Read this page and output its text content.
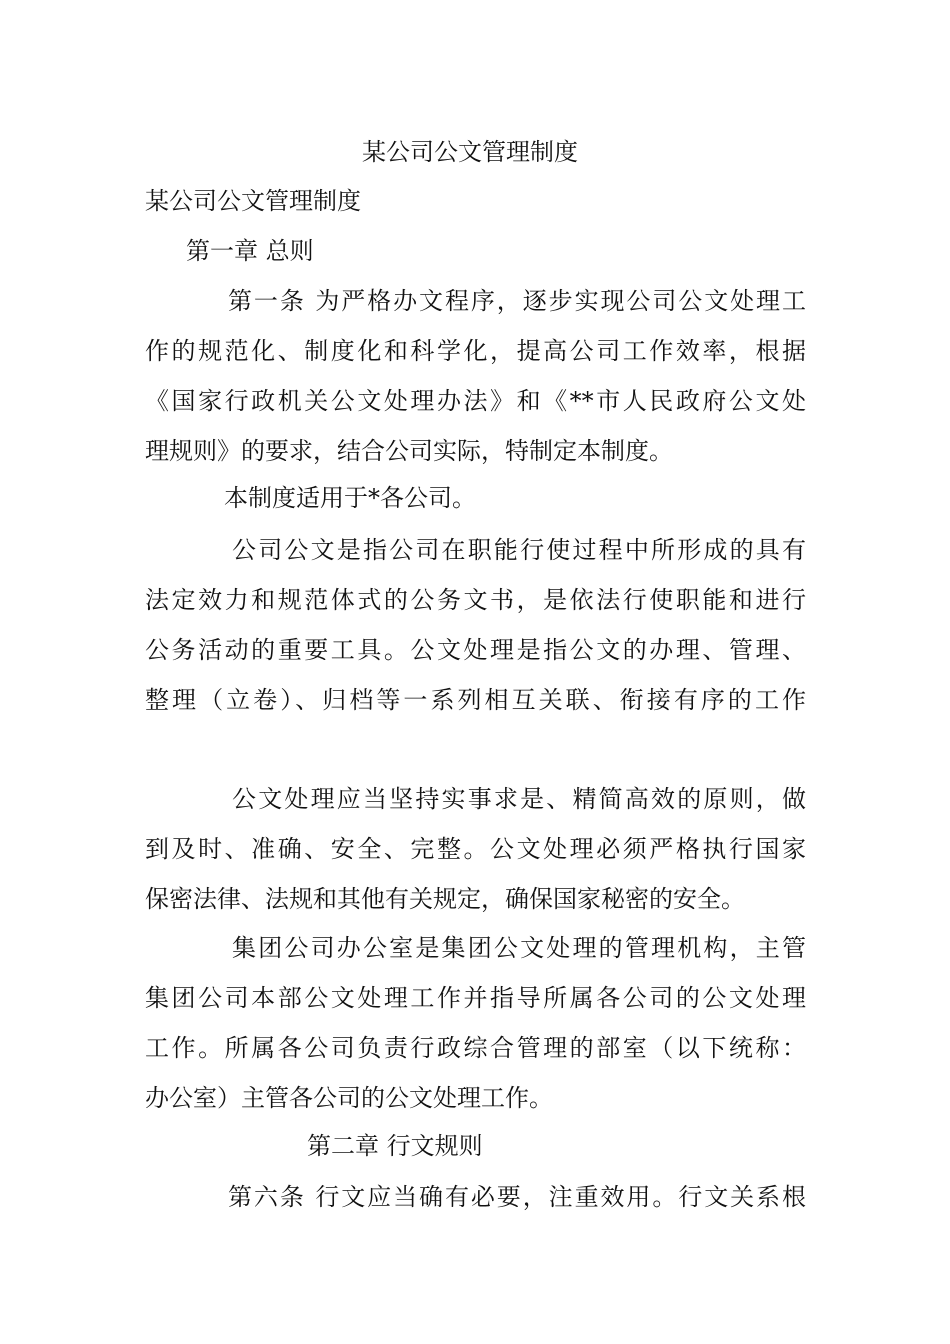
某公司公文管理制度
某公司公文管理制度
第一章 总则
第一条 为严格办文程序，逐步实现公司公文处理工
作的规范化、制度化和科学化，提高公司工作效率，根据
《国家行政机关公文处理办法》和《**市人民政府公文处
理规则》的要求，结合公司实际，特制定本制度。
本制度适用于*各公司。
公司公文是指公司在职能行使过程中所形成的具有
法定效力和规范体式的公务文书，是依法行使职能和进行
公务活动的重要工具。公文处理是指公文的办理、管理、
整理（立卷）、归档等一系列相互关联、衔接有序的工作
公文处理应当坚持实事求是、精简高效的原则，做
到及时、准确、安全、完整。公文处理必须严格执行国家
保密法律、法规和其他有关规定，确保国家秘密的安全。
集团公司办公室是集团公文处理的管理机构，主管
集团公司本部公文处理工作并指导所属各公司的公文处理
工作。所属各公司负责行政综合管理的部室（以下统称：
办公室）主管各公司的公文处理工作。
第二章 行文规则
第六条 行文应当确有必要，注重效用。行文关系根
